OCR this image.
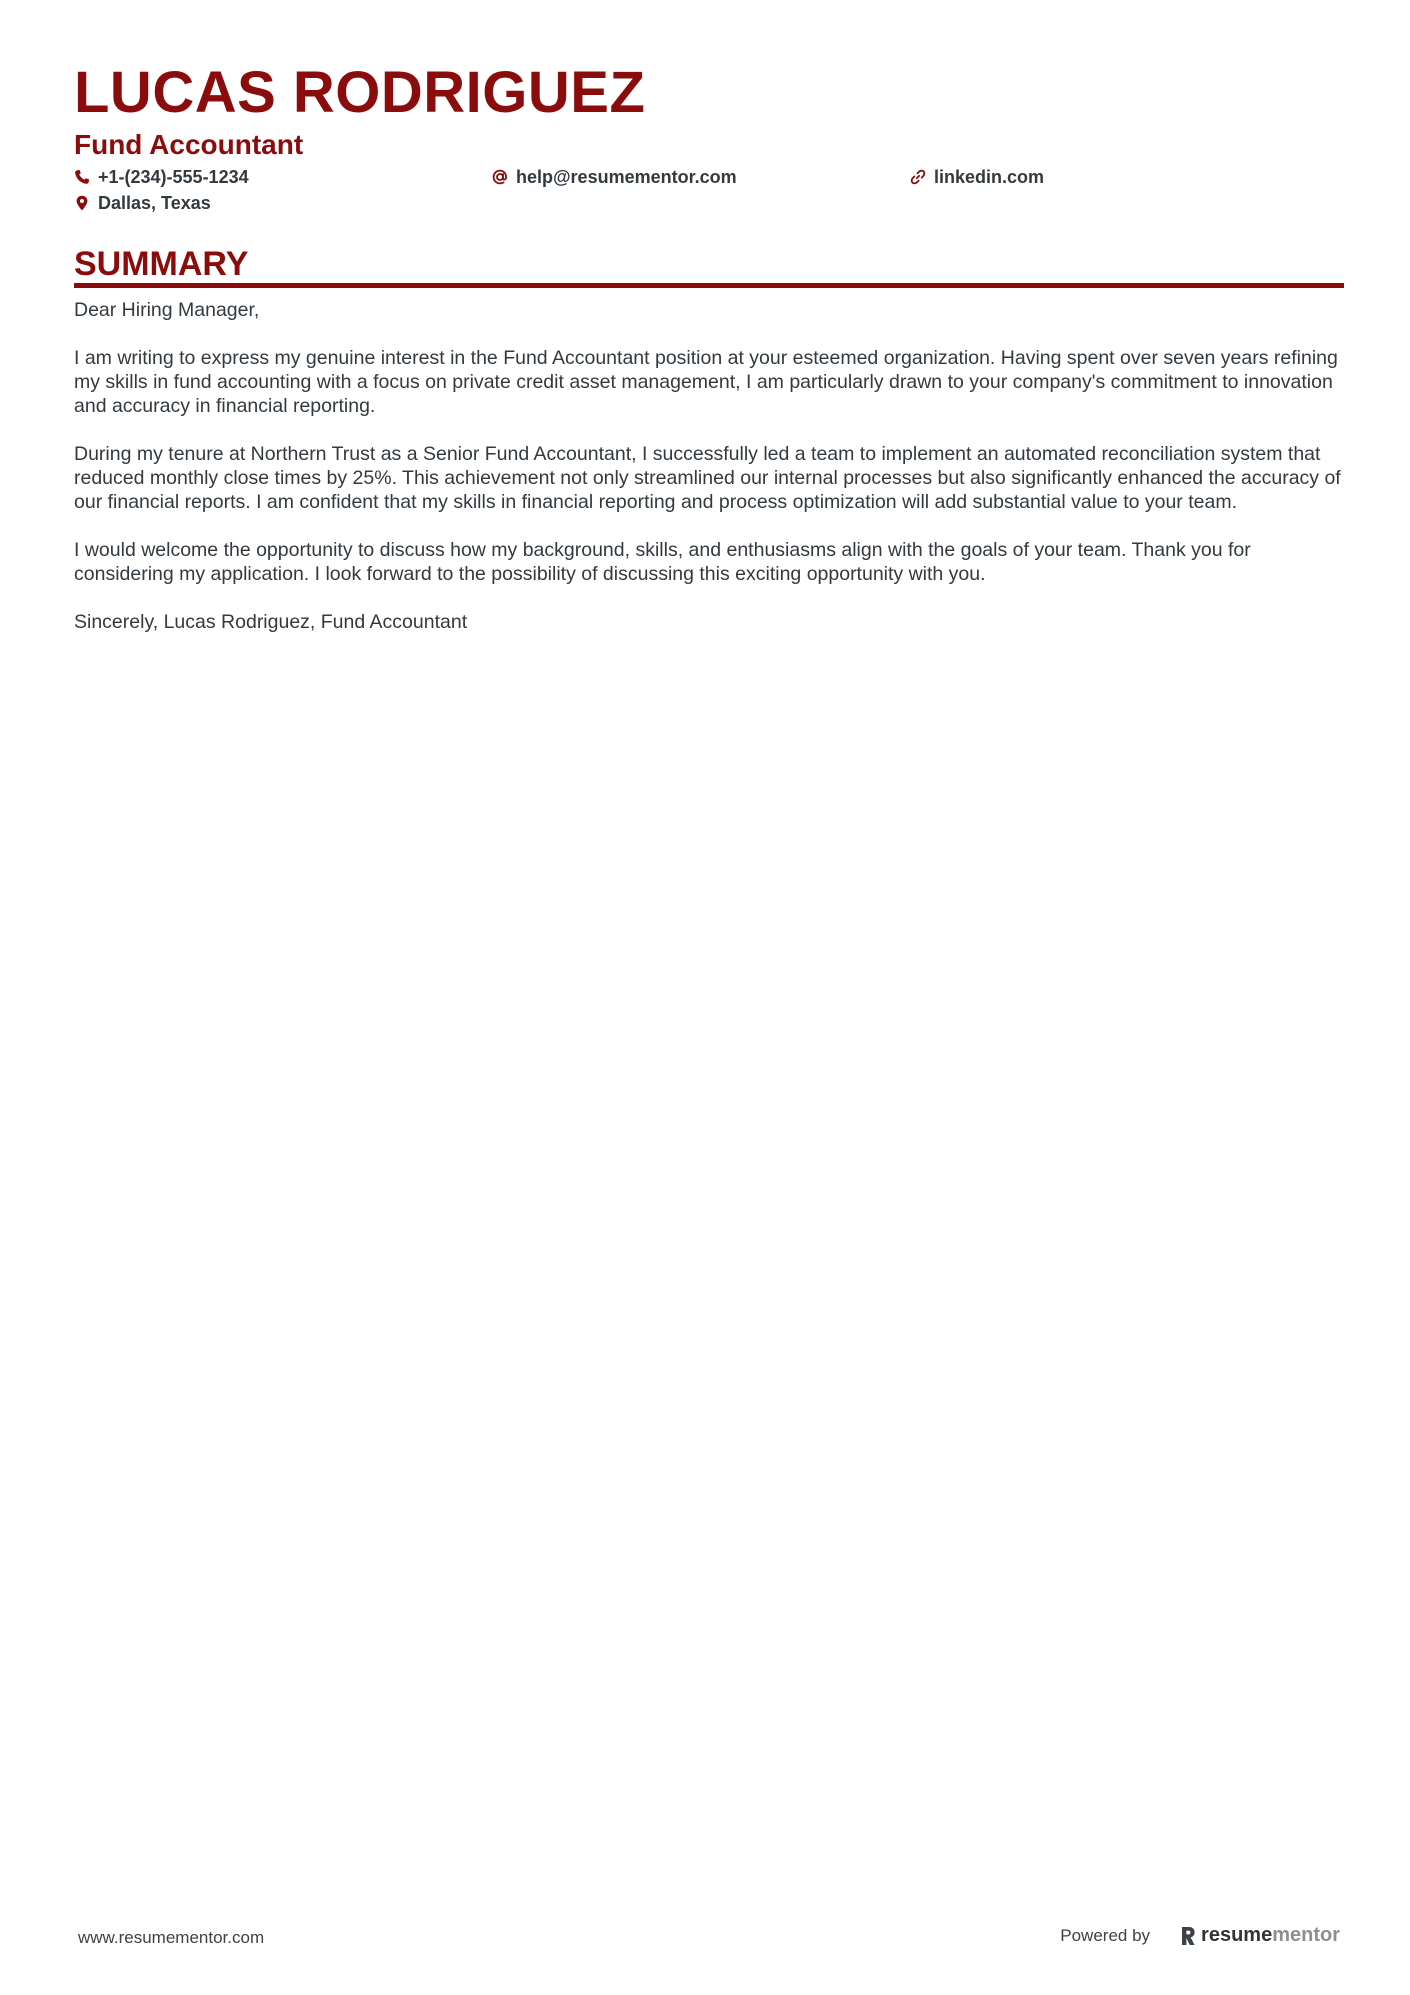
LUCAS RODRIGUEZ
Fund Accountant
+1-(234)-555-1234	help@resumementor.com	linkedin.com
Dallas, Texas
SUMMARY

Dear Hiring Manager,

I am writing to express my genuine interest in the Fund Accountant position at your esteemed organization. Having spent over seven years refining my skills in fund accounting with a focus on private credit asset management, I am particularly drawn to your company's commitment to innovation and accuracy in financial reporting.

During my tenure at Northern Trust as a Senior Fund Accountant, I successfully led a team to implement an automated reconciliation system that reduced monthly close times by 25%. This achievement not only streamlined our internal processes but also significantly enhanced the accuracy of our financial reports. I am confident that my skills in financial reporting and process optimization will add substantial value to your team.

I would welcome the opportunity to discuss how my background, skills, and enthusiasms align with the goals of your team. Thank you for considering my application. I look forward to the possibility of discussing this exciting opportunity with you.

Sincerely, Lucas Rodriguez, Fund Accountant

www.resumementor.com	Powered by	resume mentor
